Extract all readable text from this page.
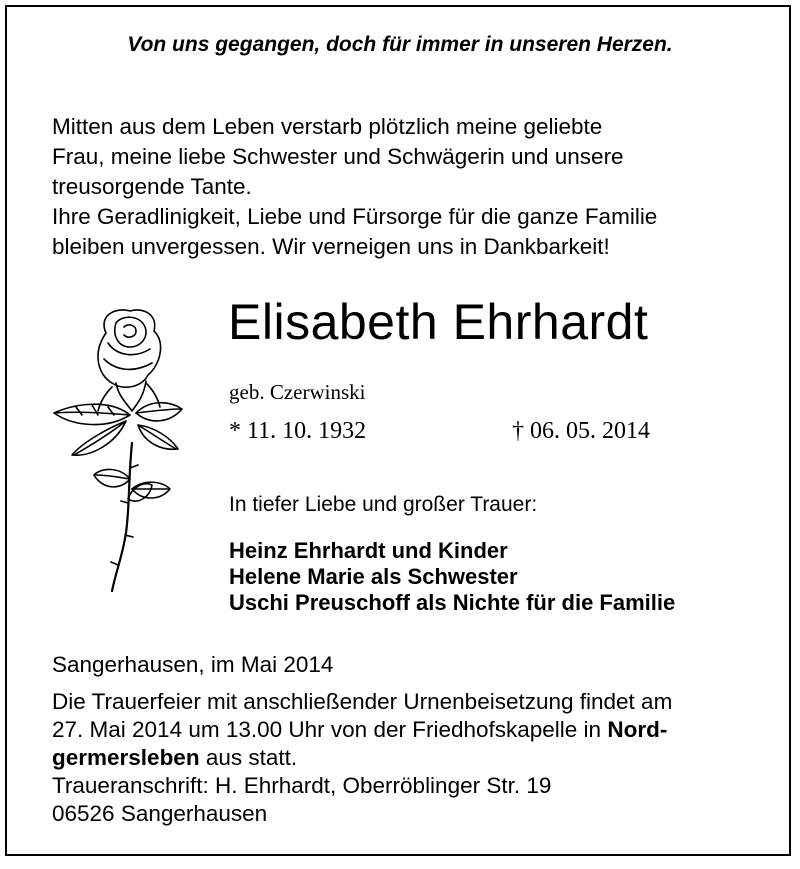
Von uns gegangen, doch für immer in unseren Herzen.

Mitten aus dem Leben verstarb plötzlich meine geliebte

Frau, meine liebe Schwester und Schwägerin und unsere

treusorgende Tante.

Ihre Geradlinigkeit, Liebe und Fürsorge für die ganze Familie

bleiben unvergessen. Wir verneigen uns in Dankbarkeit!

Elisabeth Ehrhardt
geb. Czerwinski
* 11. 10. 1932	† 06. 05. 2014
In tiefer Liebe und großer Trauer:
Heinz Ehrhardt und Kinder
Helene Marie als Schwester
Uschi Preuschoff als Nichte für die Familie
Sangerhausen, im Mai 2014

Die Trauerfeier mit anschließender Urnenbeisetzung findet am

27. Mai 2014 um 13.00 Uhr von der Friedhofskapelle in Nord-

germersleben aus statt.

Traueranschrift: H. Ehrhardt, Oberröblinger Str. 19

06526 Sangerhausen
